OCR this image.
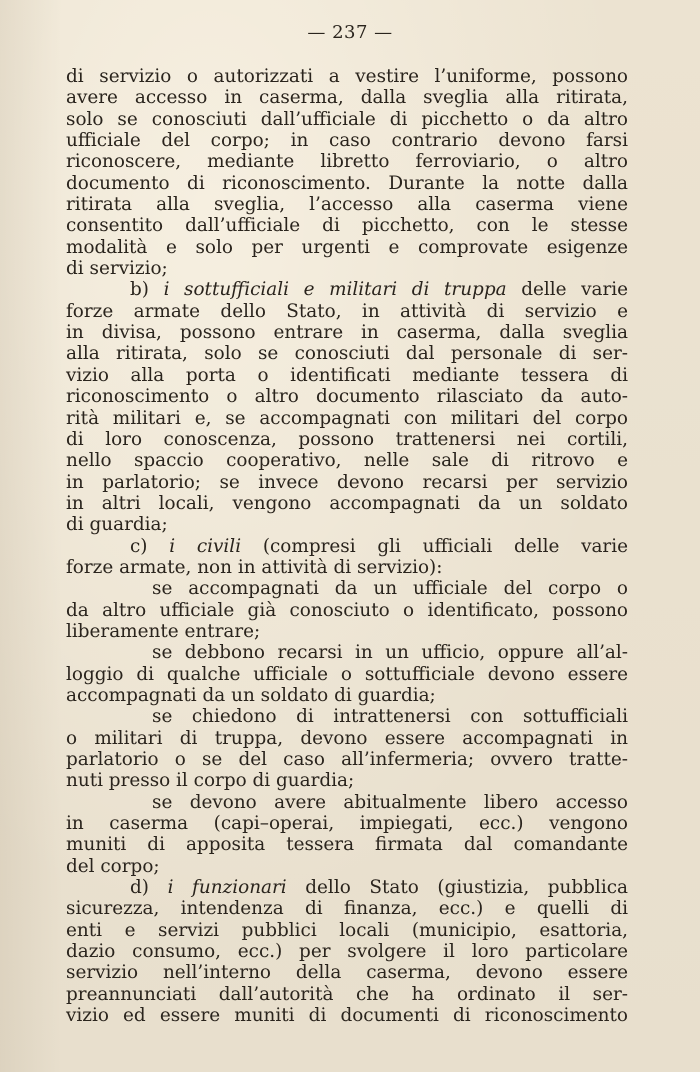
— 237 —
di servizio o autorizzati a vestire l’uniforme, possono
avere accesso in caserma, dalla sveglia alla ritirata,
solo se conosciuti dall’ufficiale di picchetto o da altro
ufficiale del corpo; in caso contrario devono farsi
riconoscere, mediante libretto ferroviario, o altro
documento di riconoscimento. Durante la notte dalla
ritirata alla sveglia, l’accesso alla caserma viene
consentito dall’ufficiale di picchetto, con le stesse
modalità e solo per urgenti e comprovate esigenze
di servizio;
b) i sottufficiali e militari di truppa delle varie
forze armate dello Stato, in attività di servizio e
in divisa, possono entrare in caserma, dalla sveglia
alla ritirata, solo se conosciuti dal personale di ser-
vizio alla porta o identificati mediante tessera di
riconoscimento o altro documento rilasciato da auto-
rità militari e, se accompagnati con militari del corpo
di loro conoscenza, possono trattenersi nei cortili,
nello spaccio cooperativo, nelle sale di ritrovo e
in parlatorio; se invece devono recarsi per servizio
in altri locali, vengono accompagnati da un soldato
di guardia;
c) i civili (compresi gli ufficiali delle varie
forze armate, non in attività di servizio):
se accompagnati da un ufficiale del corpo o
da altro ufficiale già conosciuto o identificato, possono
liberamente entrare;
se debbono recarsi in un ufficio, oppure all’al-
loggio di qualche ufficiale o sottufficiale devono essere
accompagnati da un soldato di guardia;
se chiedono di intrattenersi con sottufficiali
o militari di truppa, devono essere accompagnati in
parlatorio o se del caso all’infermeria; ovvero tratte-
nuti presso il corpo di guardia;
se devono avere abitualmente libero accesso
in caserma (capi–operai, impiegati, ecc.) vengono
muniti di apposita tessera firmata dal comandante
del corpo;
d) i funzionari dello Stato (giustizia, pubblica
sicurezza, intendenza di finanza, ecc.) e quelli di
enti e servizi pubblici locali (municipio, esattoria,
dazio consumo, ecc.) per svolgere il loro particolare
servizio nell’interno della caserma, devono essere
preannunciati dall’autorità che ha ordinato il ser-
vizio ed essere muniti di documenti di riconoscimento
